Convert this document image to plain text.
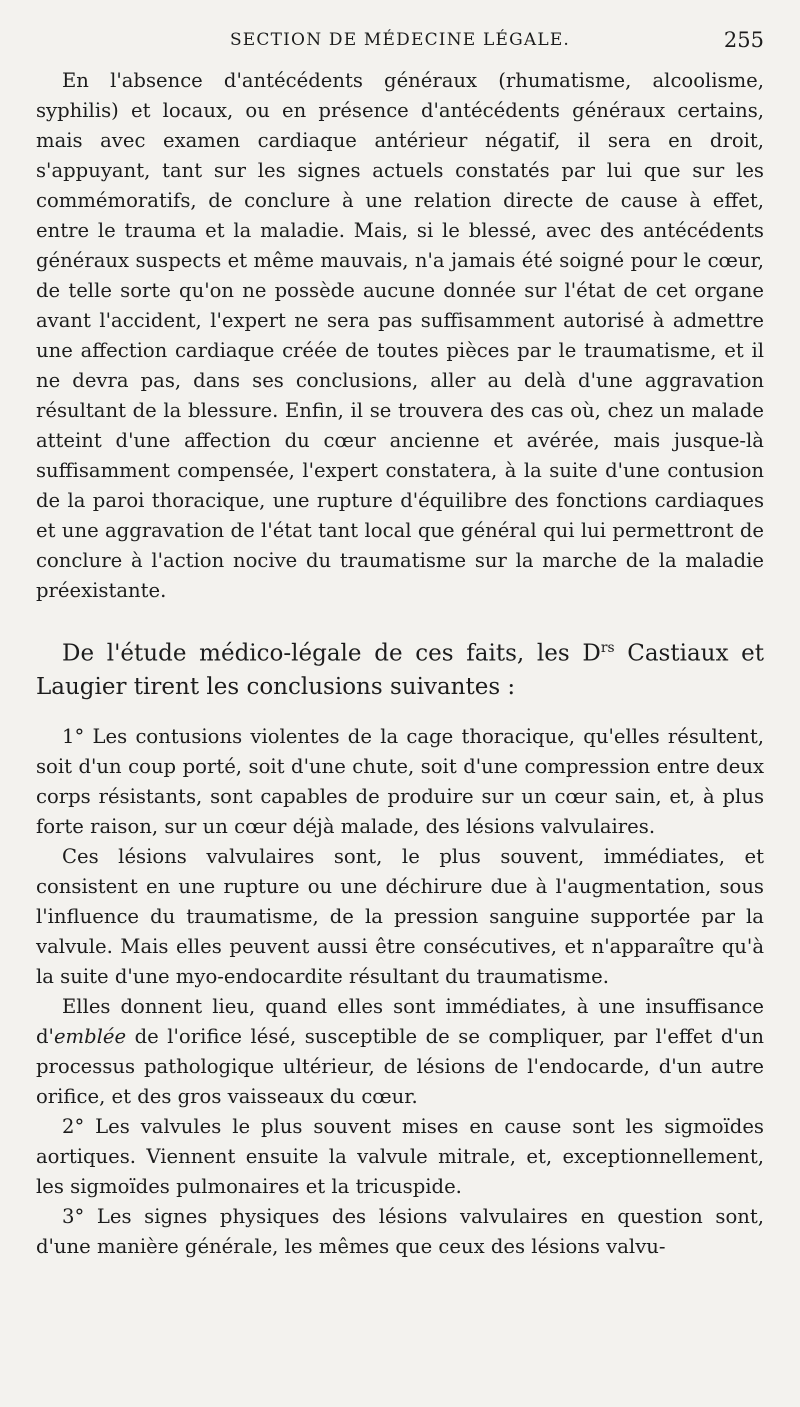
SECTION DE MÉDECINE LÉGALE.	255

En l'absence d'antécédents généraux (rhumatisme, alcoolisme, syphilis) et locaux, ou en présence d'antécédents généraux certains, mais avec examen cardiaque antérieur négatif, il sera en droit, s'appuyant, tant sur les signes actuels constatés par lui que sur les commémoratifs, de conclure à une relation directe de cause à effet, entre le trauma et la maladie. Mais, si le blessé, avec des antécédents généraux suspects et même mauvais, n'a jamais été soigné pour le cœur, de telle sorte qu'on ne possède aucune donnée sur l'état de cet organe avant l'accident, l'expert ne sera pas suffisamment autorisé à admettre une affection cardiaque créée de toutes pièces par le traumatisme, et il ne devra pas, dans ses conclusions, aller au delà d'une aggravation résultant de la blessure. Enfin, il se trouvera des cas où, chez un malade atteint d'une affection du cœur ancienne et avérée, mais jusque-là suffisamment compensée, l'expert constatera, à la suite d'une contusion de la paroi thoracique, une rupture d'équilibre des fonctions cardiaques et une aggravation de l'état tant local que général qui lui permettront de conclure à l'action nocive du traumatisme sur la marche de la maladie préexistante.

De l'étude médico-légale de ces faits, les $D^{rs}$ Castiaux et Laugier tirent les conclusions suivantes :

1° Les contusions violentes de la cage thoracique, qu'elles résultent, soit d'un coup porté, soit d'une chute, soit d'une compression entre deux corps résistants, sont capables de produire sur un cœur sain, et, à plus forte raison, sur un cœur déjà malade, des lésions valvulaires.

Ces lésions valvulaires sont, le plus souvent, immédiates, et consistent en une rupture ou une déchirure due à l'augmentation, sous l'influence du traumatisme, de la pression sanguine supportée par la valvule. Mais elles peuvent aussi être consécutives, et n'apparaître qu'à la suite d'une myo-endocardite résultant du traumatisme.

Elles donnent lieu, quand elles sont immédiates, à une insuffisance d'emblée de l'orifice lésé, susceptible de se compliquer, par l'effet d'un processus pathologique ultérieur, de lésions de l'endocarde, d'un autre orifice, et des gros vaisseaux du cœur.

2° Les valvules le plus souvent mises en cause sont les sigmoïdes aortiques. Viennent ensuite la valvule mitrale, et, exceptionnellement, les sigmoïdes pulmonaires et la tricuspide.

3° Les signes physiques des lésions valvulaires en question sont, d'une manière générale, les mêmes que ceux des lésions valvu-
